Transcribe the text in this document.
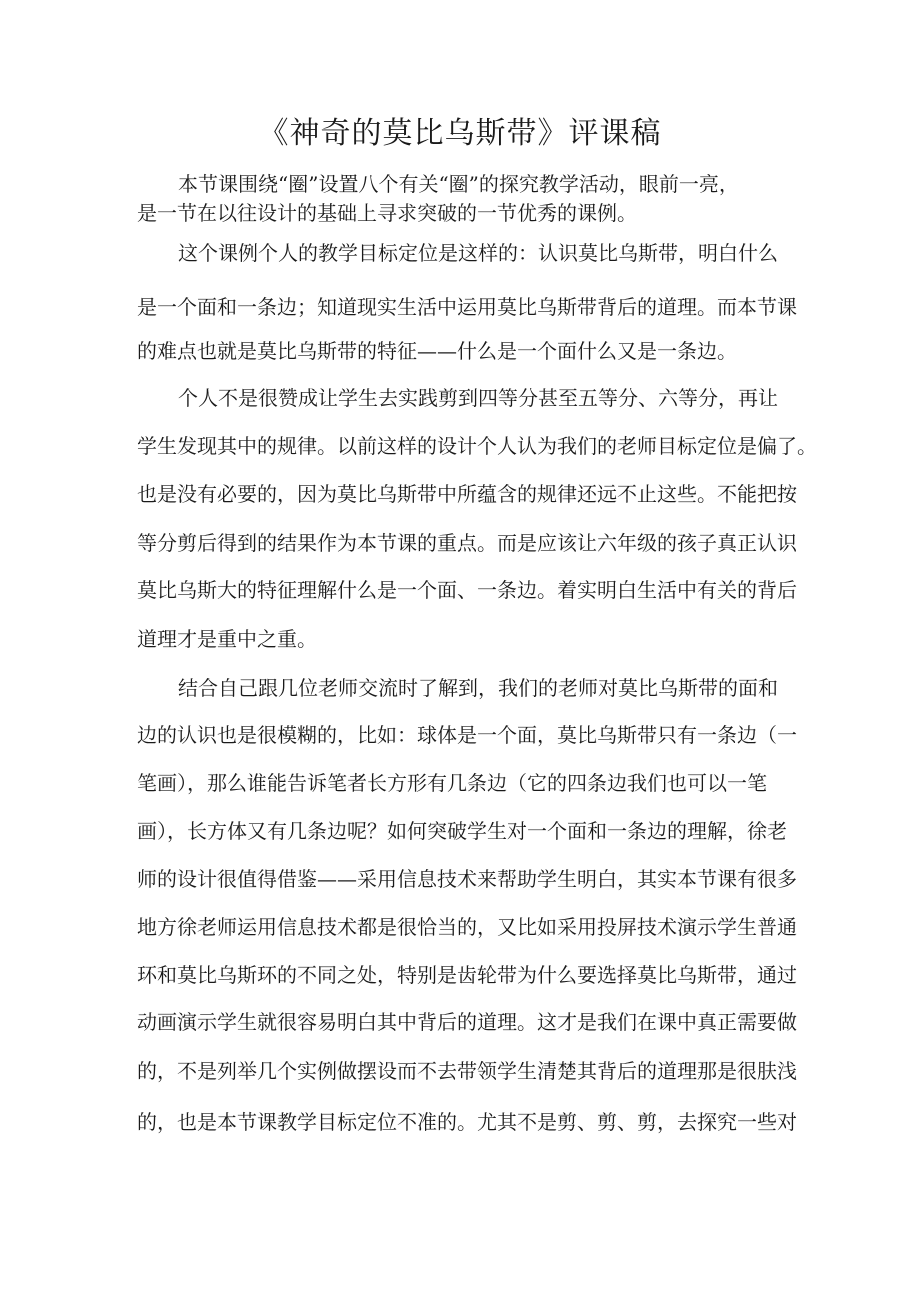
《神奇的莫比乌斯带》评课稿
本节课围绕“圈”设置八个有关“圈”的探究教学活动，眼前一亮，
是一节在以往设计的基础上寻求突破的一节优秀的课例。
这个课例个人的教学目标定位是这样的：认识莫比乌斯带，明白什么
是一个面和一条边；知道现实生活中运用莫比乌斯带背后的道理。而本节课
的难点也就是莫比乌斯带的特征——什么是一个面什么又是一条边。
个人不是很赞成让学生去实践剪到四等分甚至五等分、六等分，再让
学生发现其中的规律。以前这样的设计个人认为我们的老师目标定位是偏了。
也是没有必要的，因为莫比乌斯带中所蕴含的规律还远不止这些。不能把按
等分剪后得到的结果作为本节课的重点。而是应该让六年级的孩子真正认识
莫比乌斯大的特征理解什么是一个面、一条边。着实明白生活中有关的背后
道理才是重中之重。
结合自己跟几位老师交流时了解到，我们的老师对莫比乌斯带的面和
边的认识也是很模糊的，比如：球体是一个面，莫比乌斯带只有一条边（一
笔画），那么谁能告诉笔者长方形有几条边（它的四条边我们也可以一笔
画），长方体又有几条边呢？如何突破学生对一个面和一条边的理解，徐老
师的设计很值得借鉴——采用信息技术来帮助学生明白，其实本节课有很多
地方徐老师运用信息技术都是很恰当的，又比如采用投屏技术演示学生普通
环和莫比乌斯环的不同之处，特别是齿轮带为什么要选择莫比乌斯带，通过
动画演示学生就很容易明白其中背后的道理。这才是我们在课中真正需要做
的，不是列举几个实例做摆设而不去带领学生清楚其背后的道理那是很肤浅
的，也是本节课教学目标定位不准的。尤其不是剪、剪、剪，去探究一些对
